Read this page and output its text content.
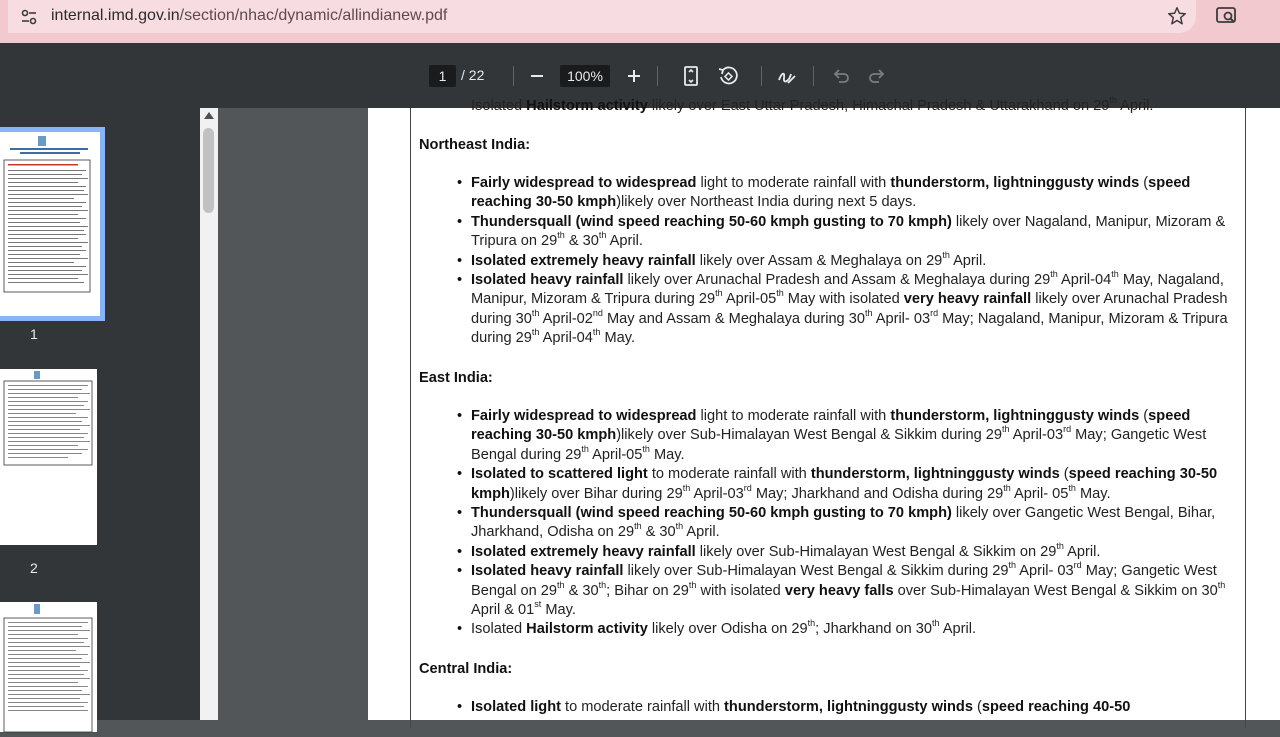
internal.imd.gov.in/section/nhac/dynamic/allindianew.pdf
1	/ 22	100%
1
2
Isolated Hailstorm activity likely over East Uttar Pradesh, Himachal Pradesh & Uttarakhand on 29th April.
Northeast India:
• Fairly widespread to widespread light to moderate rainfall with thunderstorm, lightninggusty winds (speed reaching 30-50 kmph)likely over Northeast India during next 5 days.
• Thundersquall (wind speed reaching 50-60 kmph gusting to 70 kmph) likely over Nagaland, Manipur, Mizoram & Tripura on 29th & 30th April.
• Isolated extremely heavy rainfall likely over Assam & Meghalaya on 29th April.
• Isolated heavy rainfall likely over Arunachal Pradesh and Assam & Meghalaya during 29th April-04th May, Nagaland, Manipur, Mizoram & Tripura during 29th April-05th May with isolated very heavy rainfall likely over Arunachal Pradesh during 30th April-02nd May and Assam & Meghalaya during 30th April- 03rd May; Nagaland, Manipur, Mizoram & Tripura during 29th April-04th May.
East India:
• Fairly widespread to widespread light to moderate rainfall with thunderstorm, lightninggusty winds (speed reaching 30-50 kmph)likely over Sub-Himalayan West Bengal & Sikkim during 29th April-03rd May; Gangetic West Bengal during 29th April-05th May.
• Isolated to scattered light to moderate rainfall with thunderstorm, lightninggusty winds (speed reaching 30-50 kmph)likely over Bihar during 29th April-03rd May; Jharkhand and Odisha during 29th April- 05th May.
• Thundersquall (wind speed reaching 50-60 kmph gusting to 70 kmph) likely over Gangetic West Bengal, Bihar, Jharkhand, Odisha on 29th & 30th April.
• Isolated extremely heavy rainfall likely over Sub-Himalayan West Bengal & Sikkim on 29th April.
• Isolated heavy rainfall likely over Sub-Himalayan West Bengal & Sikkim during 29th April- 03rd May; Gangetic West Bengal on 29th & 30th; Bihar on 29th with isolated very heavy falls over Sub-Himalayan West Bengal & Sikkim on 30th April & 01st May.
• Isolated Hailstorm activity likely over Odisha on 29th; Jharkhand on 30th April.
Central India:
• Isolated light to moderate rainfall with thunderstorm, lightninggusty winds (speed reaching 40-50
